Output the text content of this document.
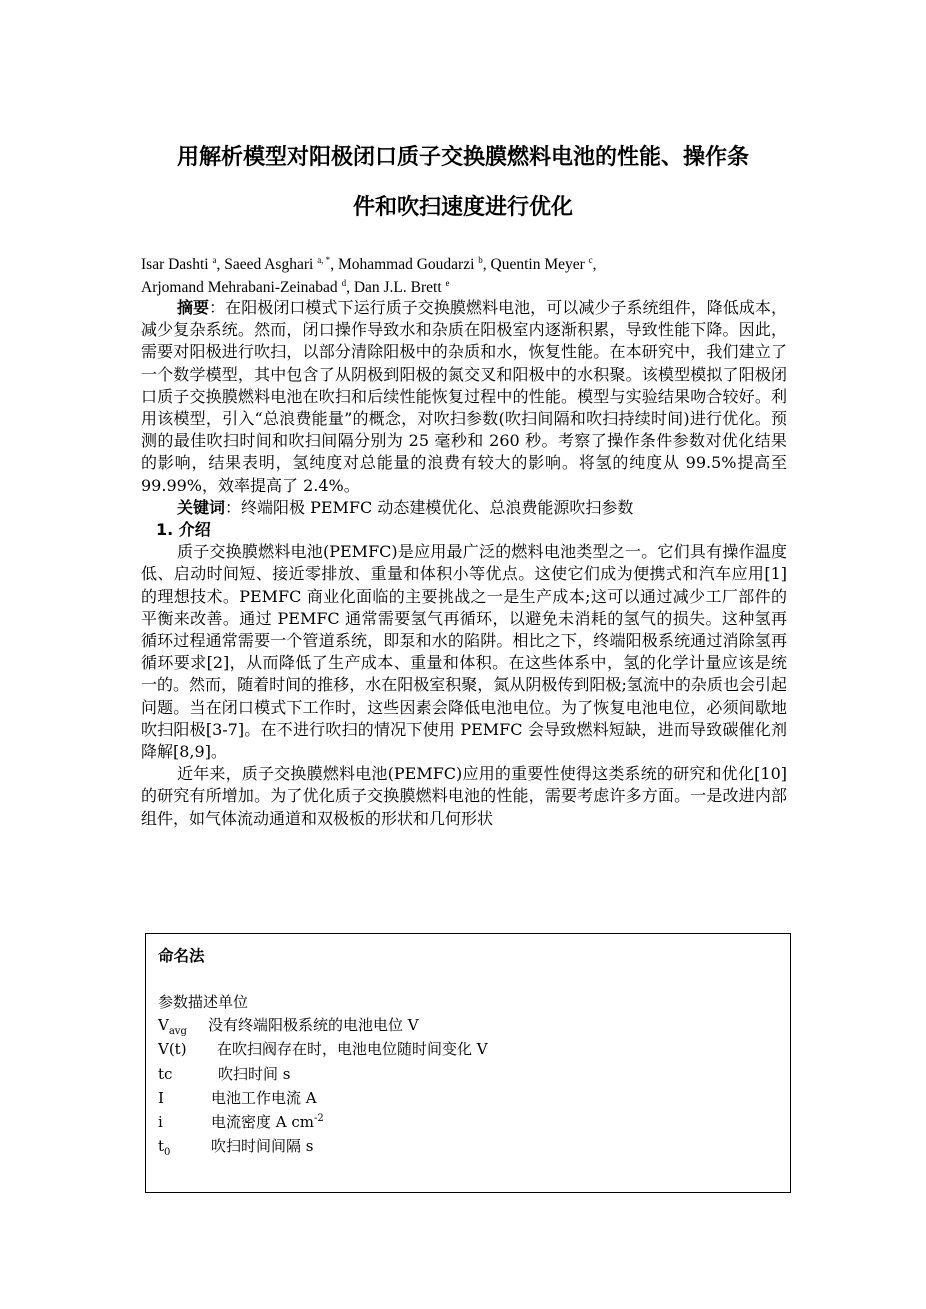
用解析模型对阳极闭口质子交换膜燃料电池的性能、操作条
件和吹扫速度进行优化
Isar Dashti $^a$, Saeed Asghari $^{a, *}$, Mohammad Goudarzi $^b$, Quentin Meyer $^c$,
Arjomand Mehrabani-Zeinabad $^d$, Dan J.L. Brett $^e$

摘要：在阳极闭口模式下运行质子交换膜燃料电池，可以减少子系统组件，降低成本，减少复杂系统。然而，闭口操作导致水和杂质在阳极室内逐渐积累，导致性能下降。因此，需要对阳极进行吹扫，以部分清除阳极中的杂质和水，恢复性能。在本研究中，我们建立了一个数学模型，其中包含了从阴极到阳极的氮交叉和阳极中的水积聚。该模型模拟了阳极闭口质子交换膜燃料电池在吹扫和后续性能恢复过程中的性能。模型与实验结果吻合较好。利用该模型，引入“总浪费能量”的概念，对吹扫参数(吹扫间隔和吹扫持续时间)进行优化。预测的最佳吹扫时间和吹扫间隔分别为 25 毫秒和 260 秒。考察了操作条件参数对优化结果的影响，结果表明，氢纯度对总能量的浪费有较大的影响。将氢的纯度从 99.5%提高至 99.99%，效率提高了 2.4%。

关键词：终端阳极 PEMFC 动态建模优化、总浪费能源吹扫参数

1. 介绍

质子交换膜燃料电池(PEMFC)是应用最广泛的燃料电池类型之一。它们具有操作温度低、启动时间短、接近零排放、重量和体积小等优点。这使它们成为便携式和汽车应用[1]的理想技术。PEMFC 商业化面临的主要挑战之一是生产成本;这可以通过减少工厂部件的平衡来改善。通过 PEMFC 通常需要氢气再循环，以避免未消耗的氢气的损失。这种氢再循环过程通常需要一个管道系统，即泵和水的陷阱。相比之下，终端阳极系统通过消除氢再循环要求[2]，从而降低了生产成本、重量和体积。在这些体系中，氢的化学计量应该是统一的。然而，随着时间的推移，水在阳极室积聚，氮从阴极传到阳极;氢流中的杂质也会引起问题。当在闭口模式下工作时，这些因素会降低电池电位。为了恢复电池电位，必须间歇地吹扫阳极[3-7]。在不进行吹扫的情况下使用 PEMFC 会导致燃料短缺，进而导致碳催化剂降解[8,9]。

近年来，质子交换膜燃料电池(PEMFC)应用的重要性使得这类系统的研究和优化[10]的研究有所增加。为了优化质子交换膜燃料电池的性能，需要考虑许多方面。一是改进内部组件，如气体流动通道和双极板的形状和几何形状

命名法
参数描述单位
$V_{avg}$ 没有终端阳极系统的电池电位 V
V(t) 在吹扫阀存在时，电池电位随时间变化 V
tc	吹扫时间 s
I	电池工作电流 A
i	电流密度 A $cm^{-2}$
$t_0$	吹扫时间间隔 s
